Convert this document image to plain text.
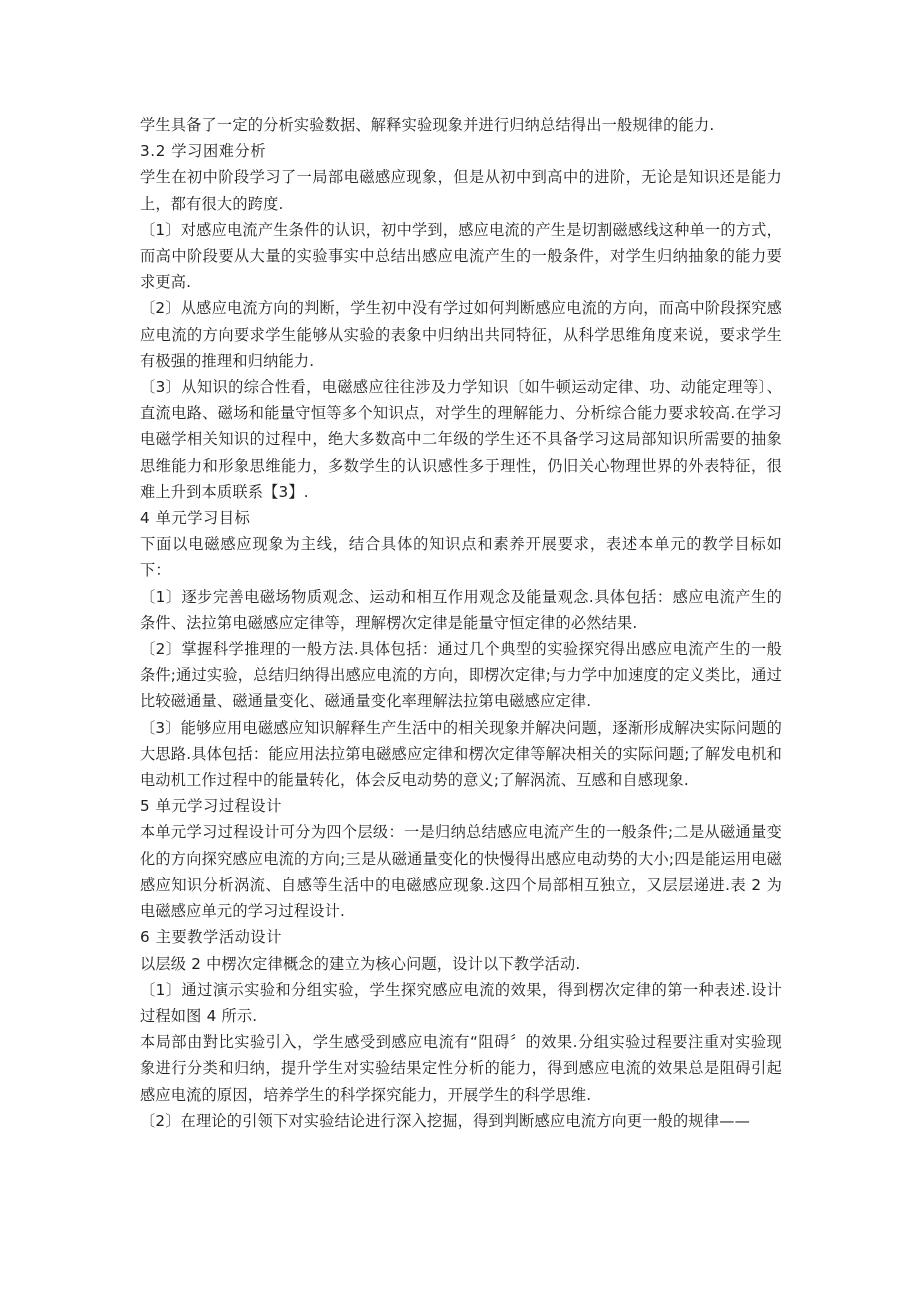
学生具备了一定的分析实验数据、解释实验现象并进行归纳总结得出一般规律的能力.

3.2 学习困难分析

学生在初中阶段学习了一局部电磁感应现象，但是从初中到高中的进阶，无论是知识还是能力上，都有很大的跨度.

〔1〕对感应电流产生条件的认识，初中学到，感应电流的产生是切割磁感线这种单一的方式，而高中阶段要从大量的实验事实中总结出感应电流产生的一般条件，对学生归纳抽象的能力要求更高.

〔2〕从感应电流方向的判断，学生初中没有学过如何判断感应电流的方向，而高中阶段探究感应电流的方向要求学生能够从实验的表象中归纳出共同特征，从科学思维角度来说，要求学生有极强的推理和归纳能力.

〔3〕从知识的综合性看，电磁感应往往涉及力学知识〔如牛顿运动定律、功、动能定理等〕、直流电路、磁场和能量守恒等多个知识点，对学生的理解能力、分析综合能力要求较高.在学习电磁学相关知识的过程中，绝大多数高中二年级的学生还不具备学习这局部知识所需要的抽象思维能力和形象思维能力，多数学生的认识感性多于理性，仍旧关心物理世界的外表特征，很难上升到本质联系【3】.

4 单元学习目标

下面以电磁感应现象为主线，结合具体的知识点和素养开展要求，表述本单元的教学目标如下：

〔1〕逐步完善电磁场物质观念、运动和相互作用观念及能量观念.具体包括：感应电流产生的条件、法拉第电磁感应定律等，理解楞次定律是能量守恒定律的必然结果.

〔2〕掌握科学推理的一般方法.具体包括：通过几个典型的实验探究得出感应电流产生的一般条件;通过实验，总结归纳得出感应电流的方向，即楞次定律;与力学中加速度的定义类比，通过比较磁通量、磁通量变化、磁通量变化率理解法拉第电磁感应定律.

〔3〕能够应用电磁感应知识解释生产生活中的相关现象并解决问题，逐渐形成解决实际问题的大思路.具体包括：能应用法拉第电磁感应定律和楞次定律等解决相关的实际问题;了解发电机和电动机工作过程中的能量转化，体会反电动势的意义;了解涡流、互感和自感现象.

5 单元学习过程设计

本单元学习过程设计可分为四个层级：一是归纳总结感应电流产生的一般条件;二是从磁通量变化的方向探究感应电流的方向;三是从磁通量变化的快慢得出感应电动势的大小;四是能运用电磁感应知识分析涡流、自感等生活中的电磁感应现象.这四个局部相互独立，又层层递进.表 2 为电磁感应单元的学习过程设计.

6 主要教学活动设计

以层级 2 中楞次定律概念的建立为核心问题，设计以下教学活动.

〔1〕通过演示实验和分组实验，学生探究感应电流的效果，得到楞次定律的第一种表述.设计过程如图 4 所示.

本局部由對比实验引入，学生感受到感应电流有“阻碍〞的效果.分组实验过程要注重对实验现象进行分类和归纳，提升学生对实验结果定性分析的能力，得到感应电流的效果总是阻碍引起感应电流的原因，培养学生的科学探究能力，开展学生的科学思维.

〔2〕在理论的引领下对实验结论进行深入挖掘，得到判断感应电流方向更一般的规律——
